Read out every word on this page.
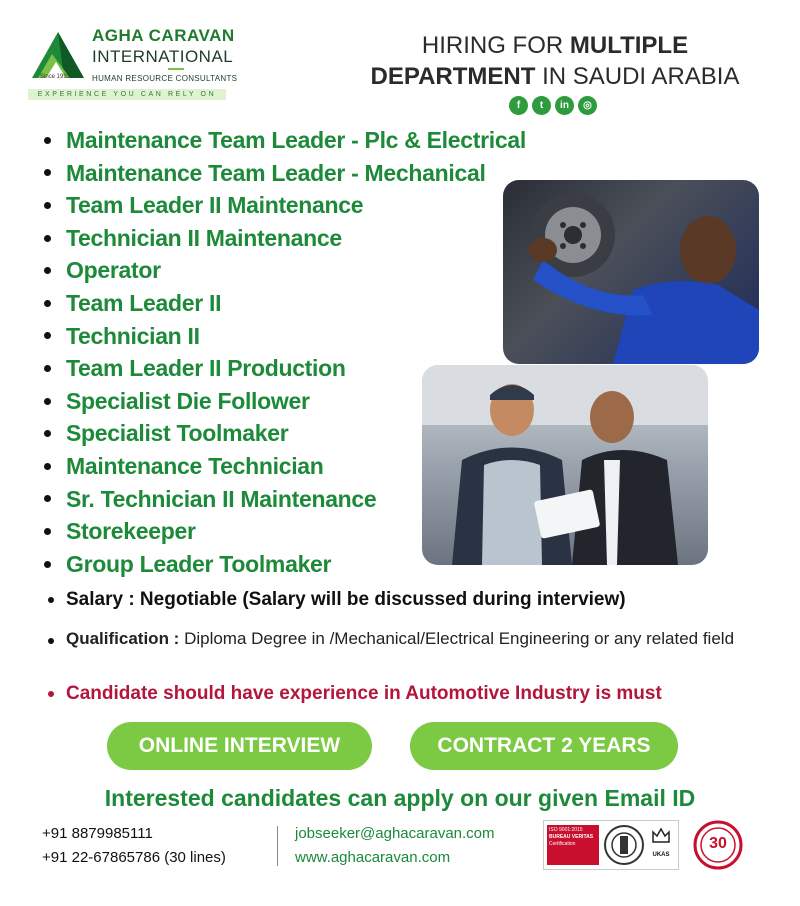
Since 1993
AGHA CARAVAN
INTERNATIONAL
HUMAN RESOURCE CONSULTANTS
EXPERIENCE YOU CAN RELY ON
HIRING FOR MULTIPLE
DEPARTMENT IN SAUDI ARABIA
f	t	in	◎
Maintenance Team Leader - Plc & Electrical
Maintenance Team Leader - Mechanical
Team Leader II Maintenance
Technician II Maintenance
Operator
Team Leader II
Technician II
Team Leader II Production
Specialist Die Follower
Specialist Toolmaker
Maintenance Technician
Sr. Technician II Maintenance
Storekeeper
Group Leader Toolmaker
Salary : Negotiable (Salary will be discussed during interview)
Qualification : Diploma Degree in /Mechanical/Electrical Engineering or any related field
Candidate should have experience in Automotive Industry is must
ONLINE INTERVIEW	CONTRACT 2 YEARS
Interested candidates can apply on our given Email ID
+91 8879985111
+91 22-67865786 (30 lines)
jobseeker@aghacaravan.com
www.aghacaravan.com
ISO 9001:2015
BUREAU VERITAS
Certification
UKAS
30
